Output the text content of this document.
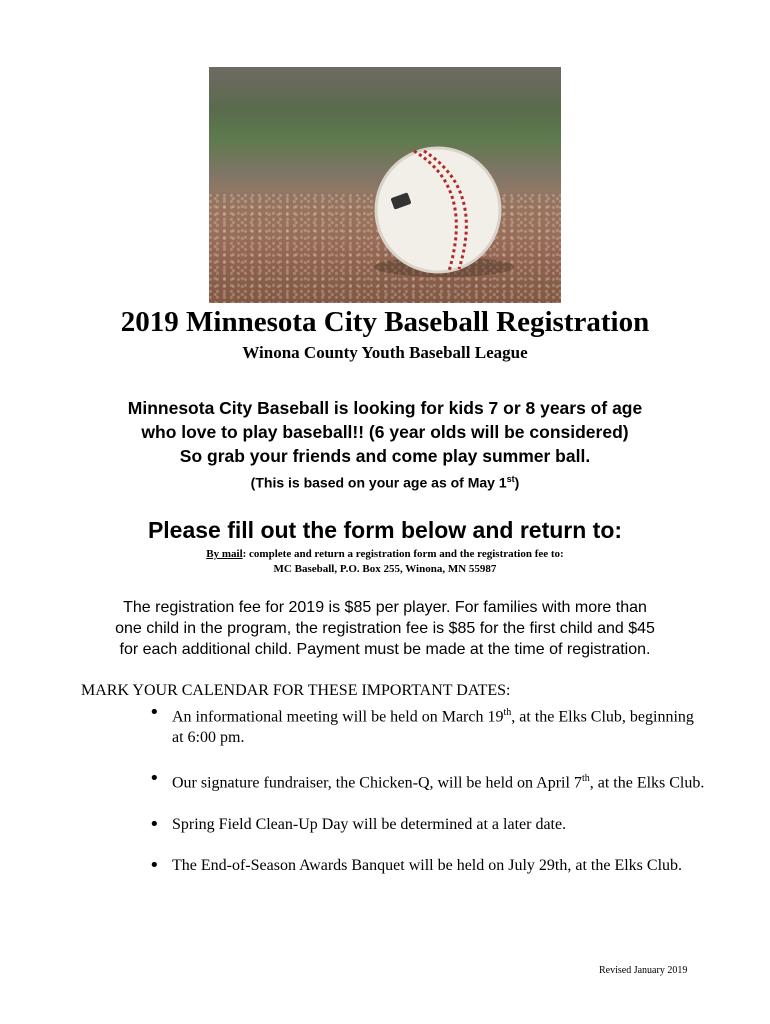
2019 Minnesota City Baseball Registration
Winona County Youth Baseball League
Minnesota City Baseball is looking for kids 7 or 8 years of age
who love to play baseball!! (6 year olds will be considered)
So grab your friends and come play summer ball.
(This is based on your age as of May 1st)
Please fill out the form below and return to:
By mail: complete and return a registration form and the registration fee to:
MC Baseball, P.O. Box 255, Winona, MN 55987
The registration fee for 2019 is $85 per player. For families with more than
one child in the program, the registration fee is $85 for the first child and $45
for each additional child. Payment must be made at the time of registration.
MARK YOUR CALENDAR FOR THESE IMPORTANT DATES:
• An informational meeting will be held on March 19th, at the Elks Club, beginning at 6:00 pm.
• Our signature fundraiser, the Chicken-Q, will be held on April 7th, at the Elks Club.
• Spring Field Clean-Up Day will be determined at a later date.
• The End-of-Season Awards Banquet will be held on July 29th, at the Elks Club.
Revised January 2019
